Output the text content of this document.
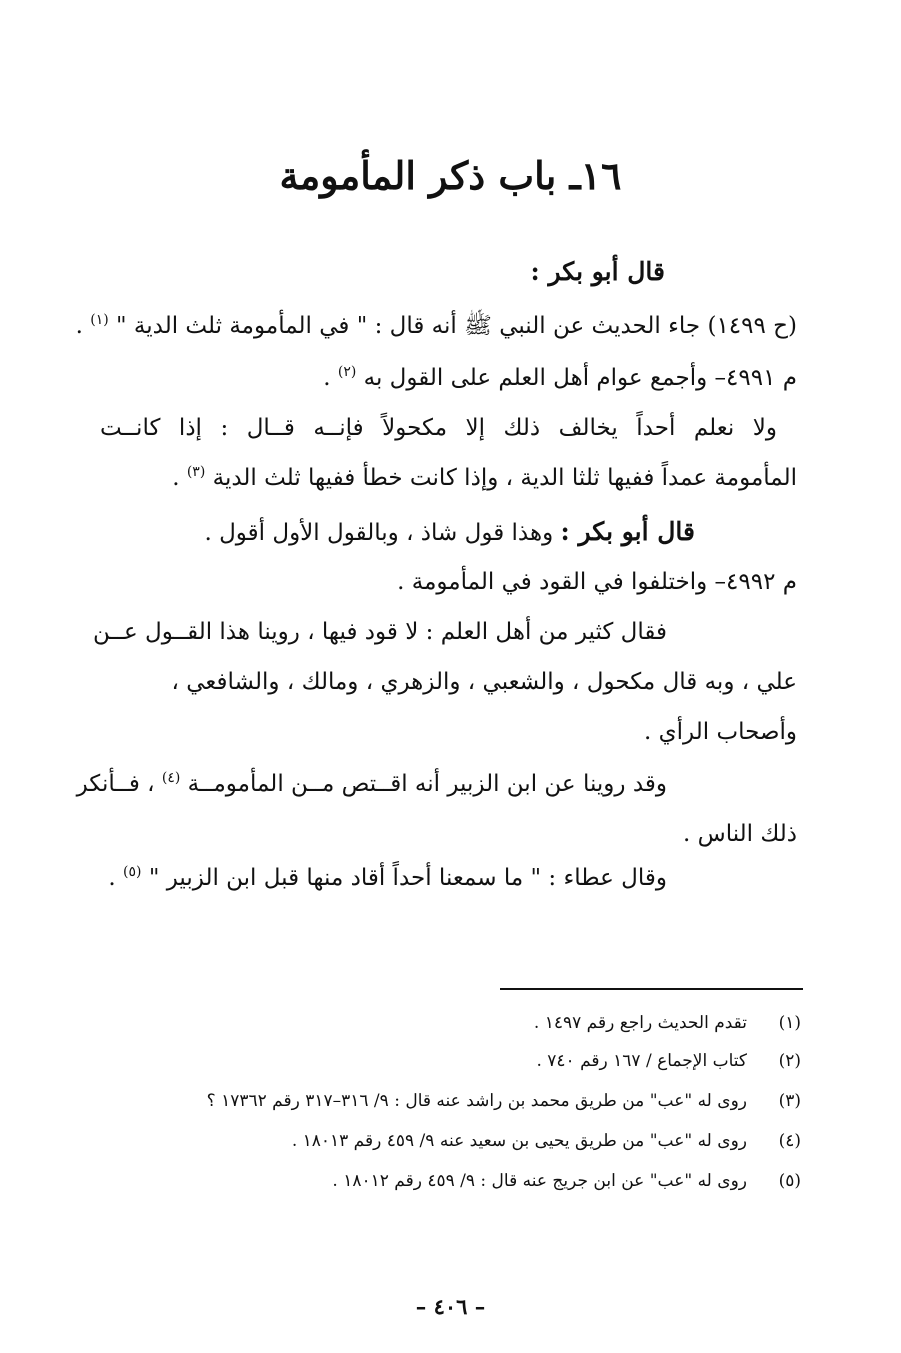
١٦ـ باب ذكر المأمومة
قال أبو بكر :
(ح ١٤٩٩) جاء الحديث عن النبي ﷺ أنه قال : " في المأمومة ثلث الدية " $^{(١)}$ .
م ٤٩٩١– وأجمع عوام أهل العلم على القول به $^{(٢)}$ .
ولا نعلم أحداً يخالف ذلك إلا مكحولاً فإنــه قــال : إذا كانــت
المأمومة عمداً ففيها ثلثا الدية ، وإذا كانت خطأ ففيها ثلث الدية $^{(٣)}$ .
قال أبو بكر : وهذا قول شاذ ، وبالقول الأول أقول .
م ٤٩٩٢– واختلفوا في القود في المأمومة .
فقال كثير من أهل العلم : لا قود فيها ، روينا هذا القــول عــن
علي ، وبه قال مكحول ، والشعبي ، والزهري ، ومالك ، والشافعي ،
وأصحاب الرأي .
وقد روينا عن ابن الزبير أنه اقــتص مــن المأمومــة $^{(٤)}$ ، فــأنكر
ذلك الناس .
وقال عطاء : " ما سمعنا أحداً أقاد منها قبل ابن الزبير " $^{(٥)}$ .
(١)تقدم الحديث راجع رقم ١٤٩٧ .
(٢)كتاب الإجماع / ١٦٧ رقم ٧٤٠ .
(٣)روى له "عب" من طريق محمد بن راشد عنه قال : ٩/ ٣١٦–٣١٧ رقم ١٧٣٦٢ ؟
(٤)روى له "عب" من طريق يحيى بن سعيد عنه ٩/ ٤٥٩ رقم ١٨٠١٣ .
(٥)روى له "عب" عن ابن جريج عنه قال : ٩/ ٤٥٩ رقم ١٨٠١٢ .
– ٤٠٦ –
